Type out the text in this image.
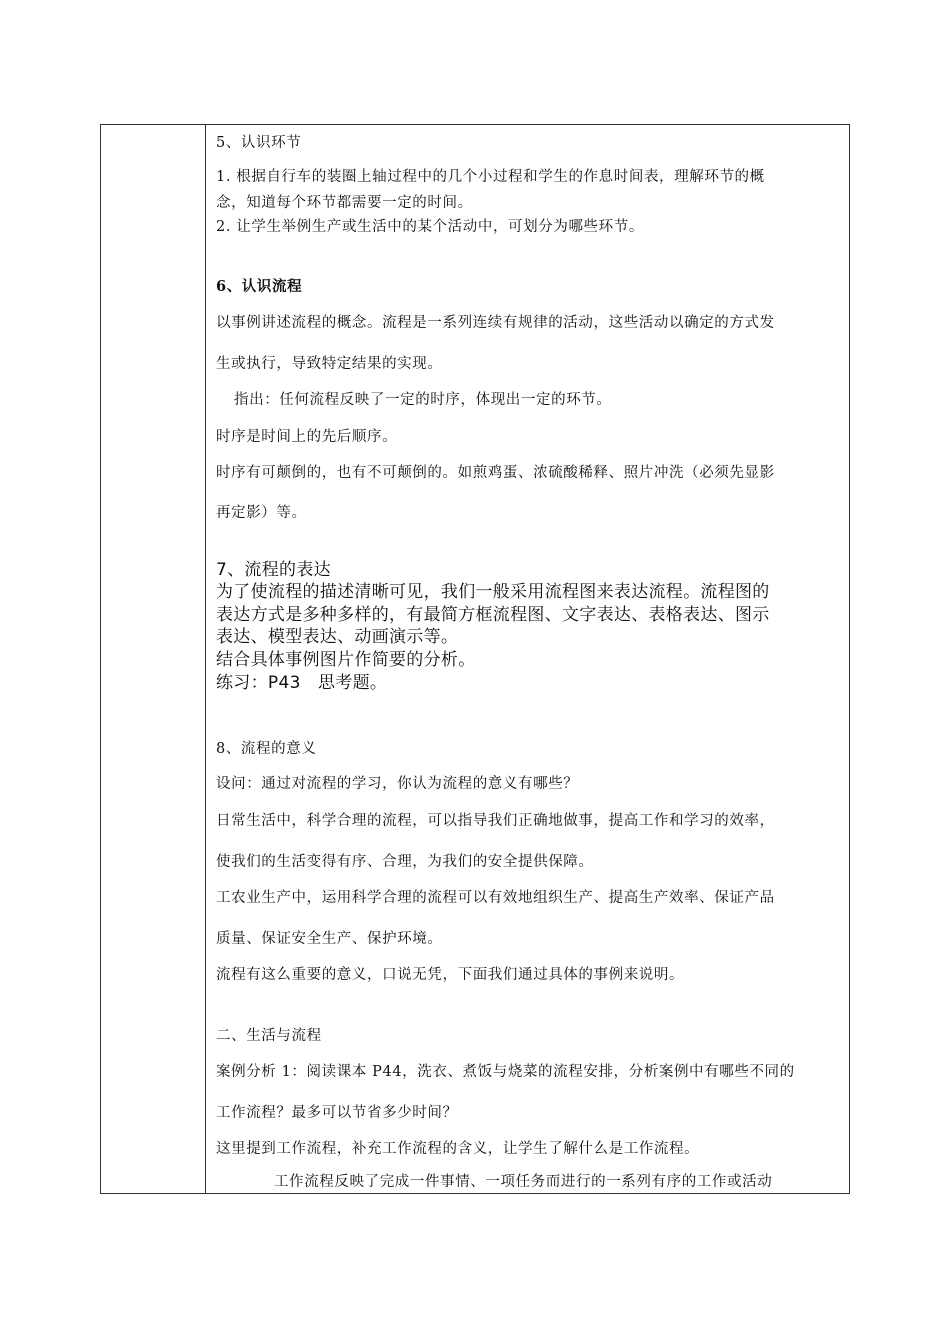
5、认识环节
1. 根据自行车的装圈上轴过程中的几个小过程和学生的作息时间表，理解环节的概
念，知道每个环节都需要一定的时间。
2. 让学生举例生产或生活中的某个活动中，可划分为哪些环节。
6、认识流程
以事例讲述流程的概念。流程是一系列连续有规律的活动，这些活动以确定的方式发
生或执行，导致特定结果的实现。
指出：任何流程反映了一定的时序，体现出一定的环节。
时序是时间上的先后顺序。
时序有可颠倒的，也有不可颠倒的。如煎鸡蛋、浓硫酸稀释、照片冲洗（必须先显影
再定影）等。
7、流程的表达
为了使流程的描述清晰可见，我们一般采用流程图来表达流程。流程图的
表达方式是多种多样的，有最简方框流程图、文字表达、表格表达、图示
表达、模型表达、动画演示等。
结合具体事例图片作简要的分析。
练习：P43　思考题。
8、流程的意义
设问：通过对流程的学习，你认为流程的意义有哪些？
日常生活中，科学合理的流程，可以指导我们正确地做事，提高工作和学习的效率，
使我们的生活变得有序、合理，为我们的安全提供保障。
工农业生产中，运用科学合理的流程可以有效地组织生产、提高生产效率、保证产品
质量、保证安全生产、保护环境。
流程有这么重要的意义，口说无凭，下面我们通过具体的事例来说明。
二、生活与流程
案例分析 1：阅读课本 P44，洗衣、煮饭与烧菜的流程安排，分析案例中有哪些不同的
工作流程？最多可以节省多少时间？
这里提到工作流程，补充工作流程的含义，让学生了解什么是工作流程。
工作流程反映了完成一件事情、一项任务而进行的一系列有序的工作或活动
